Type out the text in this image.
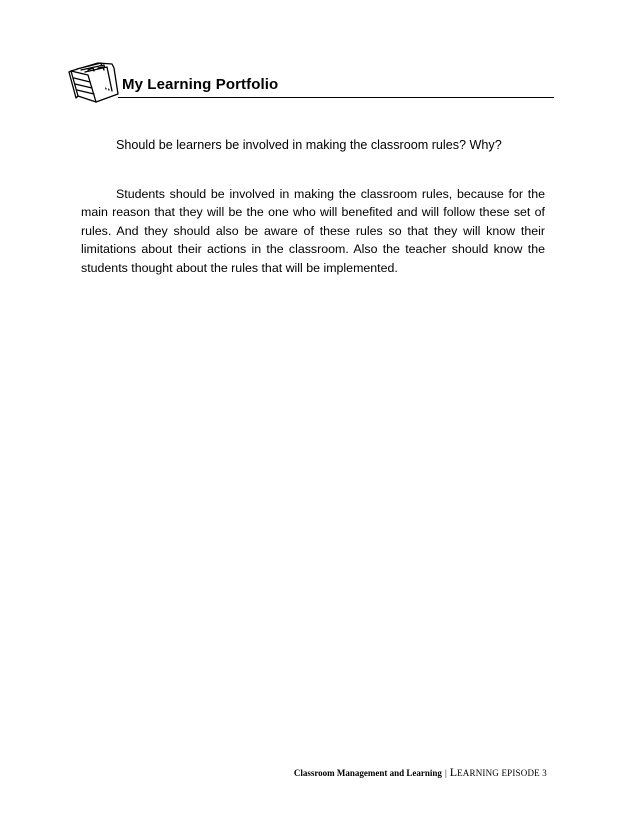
My Learning Portfolio
Should be learners be involved in making the classroom rules? Why?

Students should be involved in making the classroom rules, because for the main reason that they will be the one who will benefited and will follow these set of rules. And they should also be aware of these rules so that they will know their limitations about their actions in the classroom. Also the teacher should know the students thought about the rules that will be implemented.

Classroom Management and Learning | LEARNING EPISODE 3
